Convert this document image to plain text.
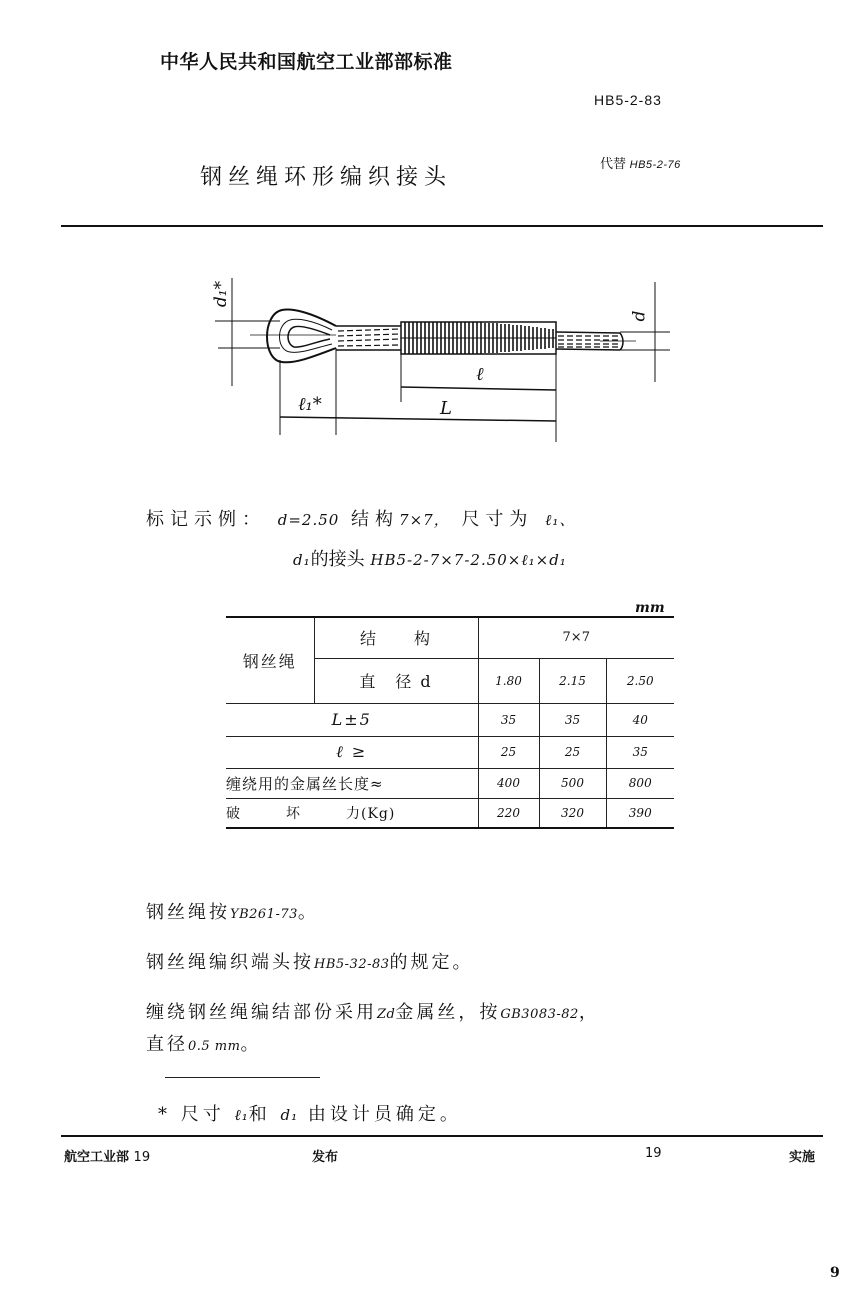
中华人民共和国航空工业部部标准
HB5-2-83
代替 HB5-2-76
钢丝绳环形编织接头
d₁*
d
ℓ
ℓ₁*	L
标记示例： d=2.50 结构7×7， 尺寸为 ℓ₁、
d₁的接头 HB5-2-7×7-2.50×ℓ₁×d₁
mm
钢丝绳	结　　构	7×7		
	直　径 d	1.80	2.15	2.50
L±5		35	35	40
ℓ ≥		25	25	35
缠绕用的金属丝长度≈		400	500	800
破　　　坏　　　力(Kg)		220	320	390
钢丝绳按YB261-73。
钢丝绳编织端头按HB5-32-83的规定。
缠绕钢丝绳编结部份采用Zd金属丝，按GB3083-82，
直径0.5 mm。
* 尺寸 ℓ₁和 d₁ 由设计员确定。
航空工业部 19	发布	19	实施
9
